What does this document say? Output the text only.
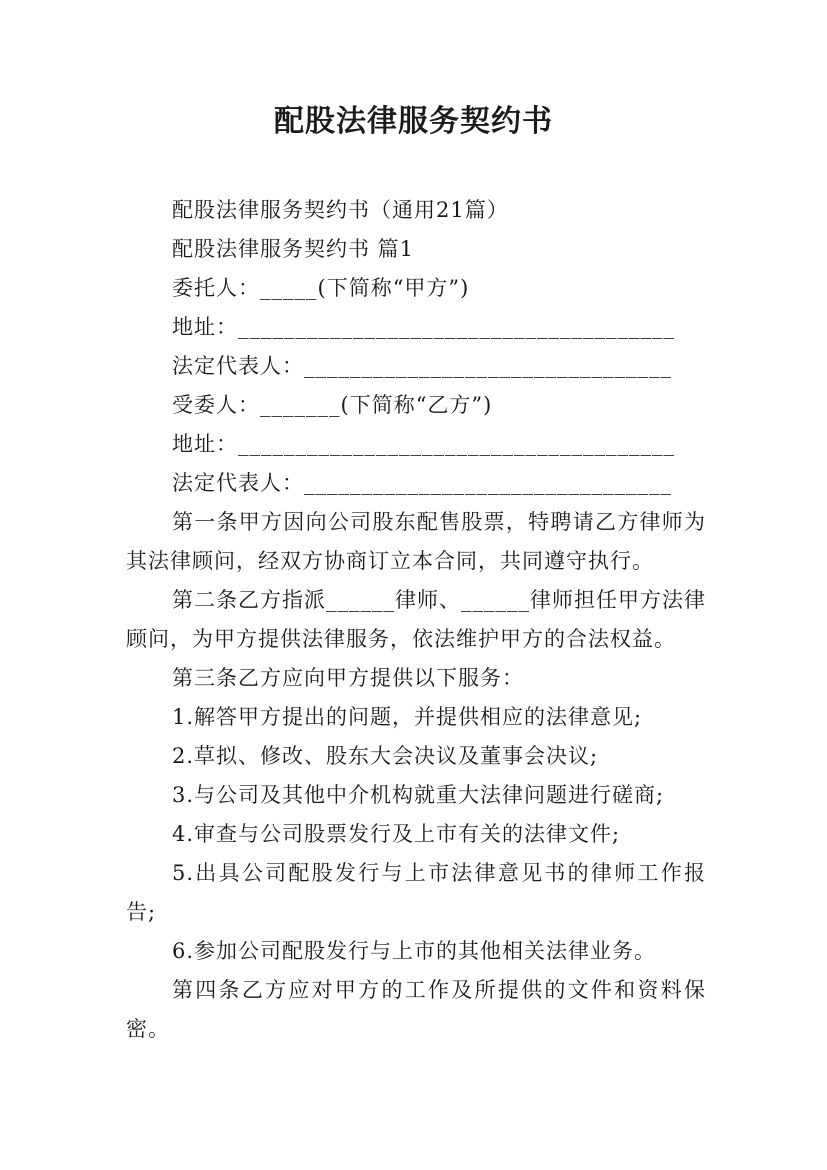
配股法律服务契约书

配股法律服务契约书（通用21篇）

配股法律服务契约书 篇1

委托人：_____(下简称“甲方”)

地址：______________________________________

法定代表人：________________________________

受委人：_______(下简称“乙方”)

地址：______________________________________

法定代表人：________________________________

第一条甲方因向公司股东配售股票，特聘请乙方律师为其法律顾问，经双方协商订立本合同，共同遵守执行。

第二条乙方指派______律师、______律师担任甲方法律顾问，为甲方提供法律服务，依法维护甲方的合法权益。

第三条乙方应向甲方提供以下服务：

1.解答甲方提出的问题，并提供相应的法律意见;

2.草拟、修改、股东大会决议及董事会决议;

3.与公司及其他中介机构就重大法律问题进行磋商;

4.审查与公司股票发行及上市有关的法律文件;

5.出具公司配股发行与上市法律意见书的律师工作报告;

6.参加公司配股发行与上市的其他相关法律业务。

第四条乙方应对甲方的工作及所提供的文件和资料保密。
